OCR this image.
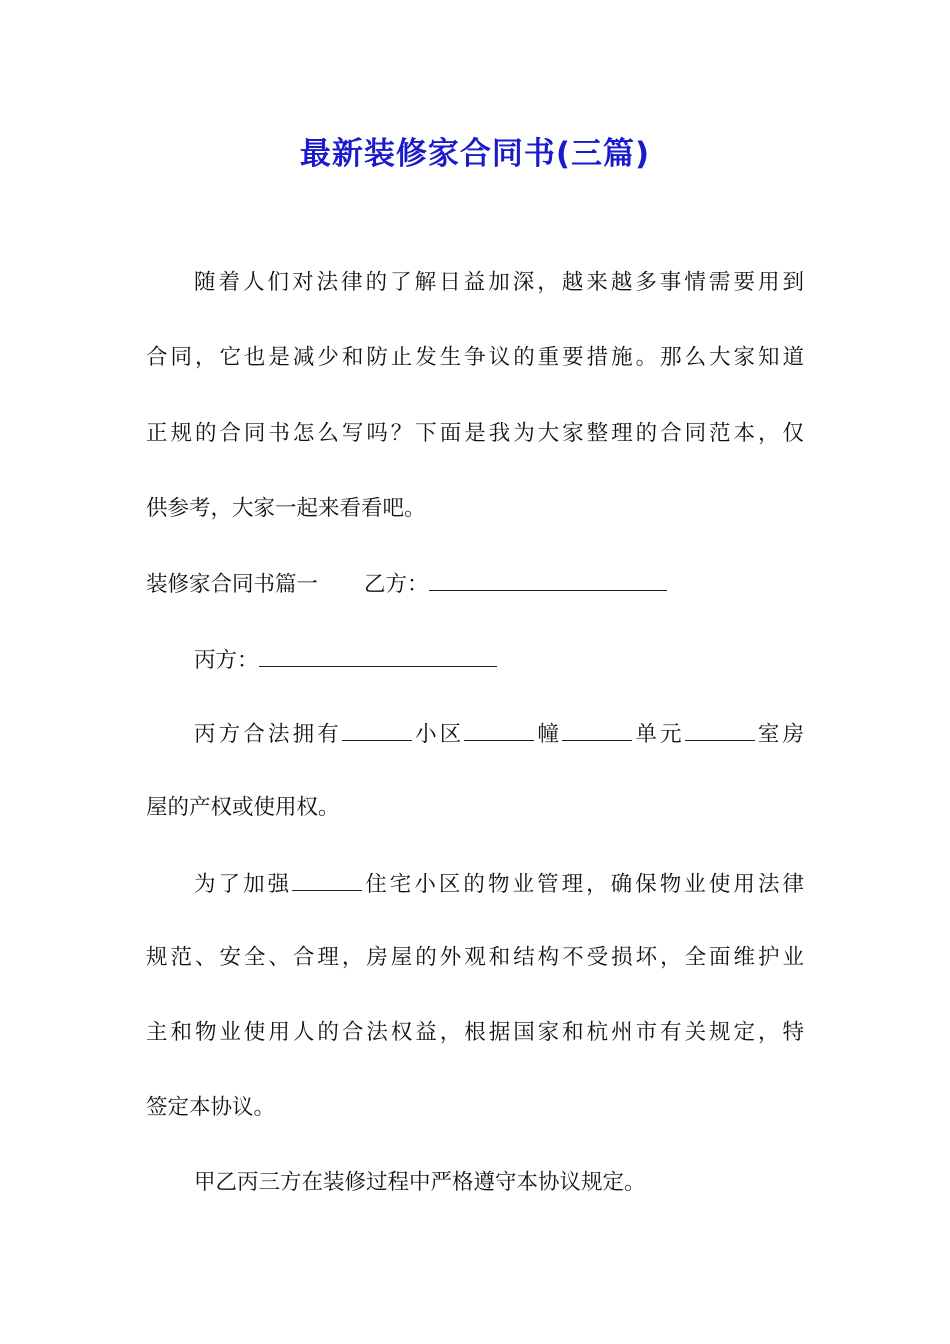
最新装修家合同书(三篇)
随着人们对法律的了解日益加深，越来越多事情需要用到
合同，它也是减少和防止发生争议的重要措施。那么大家知道
正规的合同书怎么写吗？下面是我为大家整理的合同范本，仅
供参考，大家一起来看看吧。
装修家合同书篇一 乙方：
丙方：
丙方合法拥有	小区	幢	单元	室房
屋的产权或使用权。
为了加强	住宅小区的物业管理，确保物业使用法律
规范、安全、合理，房屋的外观和结构不受损坏，全面维护业
主和物业使用人的合法权益，根据国家和杭州市有关规定，特
签定本协议。
甲乙丙三方在装修过程中严格遵守本协议规定。
